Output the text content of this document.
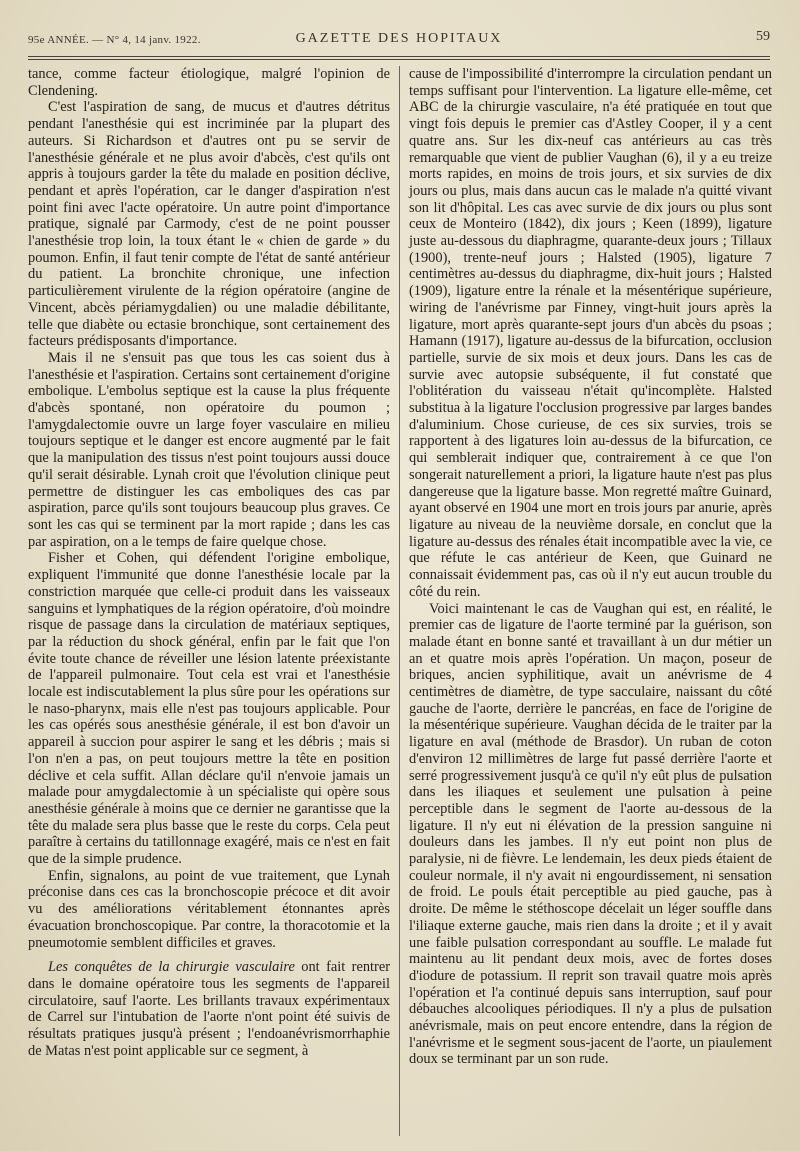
95e ANNÉE. — N° 4, 14 janv. 1922.	GAZETTE DES HOPITAUX	59

tance, comme facteur étiologique, malgré l'opinion de Clendening.

C'est l'aspiration de sang, de mucus et d'autres détritus pendant l'anesthésie qui est incriminée par la plupart des auteurs. Si Richardson et d'autres ont pu se servir de l'anesthésie générale et ne plus avoir d'abcès, c'est qu'ils ont appris à toujours garder la tête du malade en position déclive, pendant et après l'opération, car le danger d'aspiration n'est point fini avec l'acte opératoire. Un autre point d'importance pratique, signalé par Carmody, c'est de ne point pousser l'anesthésie trop loin, la toux étant le « chien de garde » du poumon. Enfin, il faut tenir compte de l'état de santé antérieur du patient. La bronchite chronique, une infection particulièrement virulente de la région opératoire (angine de Vincent, abcès périamygdalien) ou une maladie débilitante, telle que diabète ou ectasie bronchique, sont certainement des facteurs prédisposants d'importance.

Mais il ne s'ensuit pas que tous les cas soient dus à l'anesthésie et l'aspiration. Certains sont certainement d'origine embolique. L'embolus septique est la cause la plus fréquente d'abcès spontané, non opératoire du poumon ; l'amygdalectomie ouvre un large foyer vasculaire en milieu toujours septique et le danger est encore augmenté par le fait que la manipulation des tissus n'est point toujours aussi douce qu'il serait désirable. Lynah croit que l'évolution clinique peut permettre de distinguer les cas emboliques des cas par aspiration, parce qu'ils sont toujours beaucoup plus graves. Ce sont les cas qui se terminent par la mort rapide ; dans les cas par aspiration, on a le temps de faire quelque chose.

Fisher et Cohen, qui défendent l'origine embolique, expliquent l'immunité que donne l'anesthésie locale par la constriction marquée que celle-ci produit dans les vaisseaux sanguins et lymphatiques de la région opératoire, d'où moindre risque de passage dans la circulation de matériaux septiques, par la réduction du shock général, enfin par le fait que l'on évite toute chance de réveiller une lésion latente préexistante de l'appareil pulmonaire. Tout cela est vrai et l'anesthésie locale est indiscutablement la plus sûre pour les opérations sur le naso-pharynx, mais elle n'est pas toujours applicable. Pour les cas opérés sous anesthésie générale, il est bon d'avoir un appareil à succion pour aspirer le sang et les débris ; mais si l'on n'en a pas, on peut toujours mettre la tête en position déclive et cela suffit. Allan déclare qu'il n'envoie jamais un malade pour amygdalectomie à un spécialiste qui opère sous anesthésie générale à moins que ce dernier ne garantisse que la tête du malade sera plus basse que le reste du corps. Cela peut paraître à certains du tatillonnage exagéré, mais ce n'est en fait que de la simple prudence.

Enfin, signalons, au point de vue traitement, que Lynah préconise dans ces cas la bronchoscopie précoce et dit avoir vu des améliorations véritablement étonnantes après évacuation bronchoscopique. Par contre, la thoracotomie et la pneumotomie semblent difficiles et graves.

Les conquêtes de la chirurgie vasculaire ont fait rentrer dans le domaine opératoire tous les segments de l'appareil circulatoire, sauf l'aorte. Les brillants travaux expérimentaux de Carrel sur l'intubation de l'aorte n'ont point été suivis de résultats pratiques jusqu'à présent ; l'endoanévrismorrhaphie de Matas n'est point applicable sur ce segment, à

cause de l'impossibilité d'interrompre la circulation pendant un temps suffisant pour l'intervention. La ligature elle-même, cet ABC de la chirurgie vasculaire, n'a été pratiquée en tout que vingt fois depuis le premier cas d'Astley Cooper, il y a cent quatre ans. Sur les dix-neuf cas antérieurs au cas très remarquable que vient de publier Vaughan (6), il y a eu treize morts rapides, en moins de trois jours, et six survies de dix jours ou plus, mais dans aucun cas le malade n'a quitté vivant son lit d'hôpital. Les cas avec survie de dix jours ou plus sont ceux de Monteiro (1842), dix jours ; Keen (1899), ligature juste au-dessous du diaphragme, quarante-deux jours ; Tillaux (1900), trente-neuf jours ; Halsted (1905), ligature 7 centimètres au-dessus du diaphragme, dix-huit jours ; Halsted (1909), ligature entre la rénale et la mésentérique supérieure, wiring de l'anévrisme par Finney, vingt-huit jours après la ligature, mort après quarante-sept jours d'un abcès du psoas ; Hamann (1917), ligature au-dessus de la bifurcation, occlusion partielle, survie de six mois et deux jours. Dans les cas de survie avec autopsie subséquente, il fut constaté que l'oblitération du vaisseau n'était qu'incomplète. Halsted substitua à la ligature l'occlusion progressive par larges bandes d'aluminium. Chose curieuse, de ces six survies, trois se rapportent à des ligatures loin au-dessus de la bifurcation, ce qui semblerait indiquer que, contrairement à ce que l'on songerait naturellement a priori, la ligature haute n'est pas plus dangereuse que la ligature basse. Mon regretté maître Guinard, ayant observé en 1904 une mort en trois jours par anurie, après ligature au niveau de la neuvième dorsale, en conclut que la ligature au-dessus des rénales était incompatible avec la vie, ce que réfute le cas antérieur de Keen, que Guinard ne connaissait évidemment pas, cas où il n'y eut aucun trouble du côté du rein.

Voici maintenant le cas de Vaughan qui est, en réalité, le premier cas de ligature de l'aorte terminé par la guérison, son malade étant en bonne santé et travaillant à un dur métier un an et quatre mois après l'opération. Un maçon, poseur de briques, ancien syphilitique, avait un anévrisme de 4 centimètres de diamètre, de type sacculaire, naissant du côté gauche de l'aorte, derrière le pancréas, en face de l'origine de la mésentérique supérieure. Vaughan décida de le traiter par la ligature en aval (méthode de Brasdor). Un ruban de coton d'environ 12 millimètres de large fut passé derrière l'aorte et serré progressivement jusqu'à ce qu'il n'y eût plus de pulsation dans les iliaques et seulement une pulsation à peine perceptible dans le segment de l'aorte au-dessous de la ligature. Il n'y eut ni élévation de la pression sanguine ni douleurs dans les jambes. Il n'y eut point non plus de paralysie, ni de fièvre. Le lendemain, les deux pieds étaient de couleur normale, il n'y avait ni engourdissement, ni sensation de froid. Le pouls était perceptible au pied gauche, pas à droite. De même le stéthoscope décelait un léger souffle dans l'iliaque externe gauche, mais rien dans la droite ; et il y avait une faible pulsation correspondant au souffle. Le malade fut maintenu au lit pendant deux mois, avec de fortes doses d'iodure de potassium. Il reprit son travail quatre mois après l'opération et l'a continué depuis sans interruption, sauf pour débauches alcooliques périodiques. Il n'y a plus de pulsation anévrismale, mais on peut encore entendre, dans la région de l'anévrisme et le segment sous-jacent de l'aorte, un piaulement doux se terminant par un son rude.
